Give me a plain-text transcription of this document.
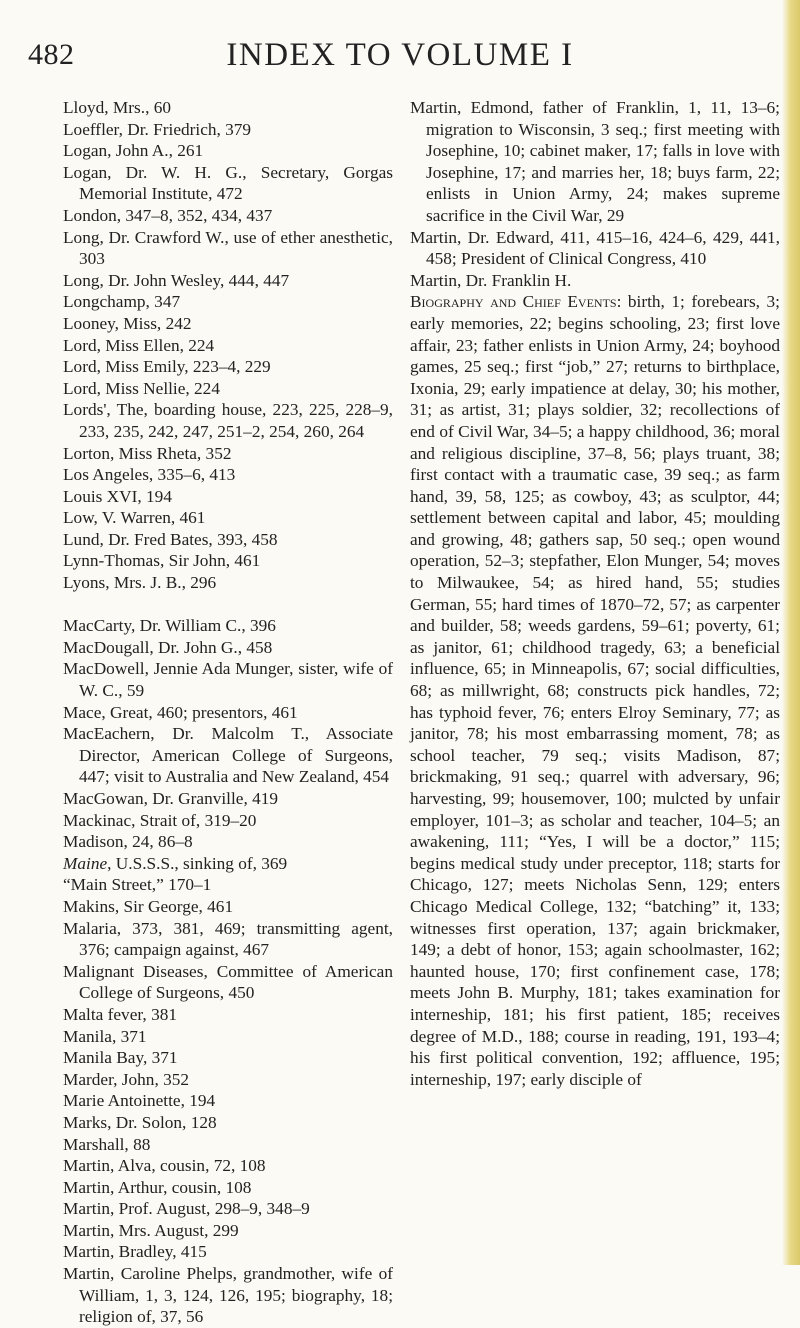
482	INDEX TO VOLUME I
Lloyd, Mrs., 60
Loeffler, Dr. Friedrich, 379
Logan, John A., 261
Logan, Dr. W. H. G., Secretary, Gorgas Memorial Institute, 472
London, 347–8, 352, 434, 437
Long, Dr. Crawford W., use of ether anesthetic, 303
Long, Dr. John Wesley, 444, 447
Longchamp, 347
Looney, Miss, 242
Lord, Miss Ellen, 224
Lord, Miss Emily, 223–4, 229
Lord, Miss Nellie, 224
Lords', The, boarding house, 223, 225, 228–9, 233, 235, 242, 247, 251–2, 254, 260, 264
Lorton, Miss Rheta, 352
Los Angeles, 335–6, 413
Louis XVI, 194
Low, V. Warren, 461
Lund, Dr. Fred Bates, 393, 458
Lynn-Thomas, Sir John, 461
Lyons, Mrs. J. B., 296
MacCarty, Dr. William C., 396
MacDougall, Dr. John G., 458
MacDowell, Jennie Ada Munger, sister, wife of W. C., 59
Mace, Great, 460; presentors, 461
MacEachern, Dr. Malcolm T., Associate Director, American College of Surgeons, 447; visit to Australia and New Zealand, 454
MacGowan, Dr. Granville, 419
Mackinac, Strait of, 319–20
Madison, 24, 86–8
Maine, U.S.S.S., sinking of, 369
“Main Street,” 170–1
Makins, Sir George, 461
Malaria, 373, 381, 469; transmitting agent, 376; campaign against, 467
Malignant Diseases, Committee of American College of Surgeons, 450
Malta fever, 381
Manila, 371
Manila Bay, 371
Marder, John, 352
Marie Antoinette, 194
Marks, Dr. Solon, 128
Marshall, 88
Martin, Alva, cousin, 72, 108
Martin, Arthur, cousin, 108
Martin, Prof. August, 298–9, 348–9
Martin, Mrs. August, 299
Martin, Bradley, 415
Martin, Caroline Phelps, grandmother, wife of William, 1, 3, 124, 126, 195; biography, 18; religion of, 37, 56
Martin, Edmond, father of Franklin, 1, 11, 13–6; migration to Wisconsin, 3 seq.; first meeting with Josephine, 10; cabinet maker, 17; falls in love with Josephine, 17; and marries her, 18; buys farm, 22; enlists in Union Army, 24; makes supreme sacrifice in the Civil War, 29
Martin, Dr. Edward, 411, 415–16, 424–6, 429, 441, 458; President of Clinical Congress, 410
Martin, Dr. Franklin H.
Biography and Chief Events: birth, 1; forebears, 3; early memories, 22; begins schooling, 23; first love affair, 23; father enlists in Union Army, 24; boyhood games, 25 seq.; first “job,” 27; returns to birthplace, Ixonia, 29; early impatience at delay, 30; his mother, 31; as artist, 31; plays soldier, 32; recollections of end of Civil War, 34–5; a happy childhood, 36; moral and religious discipline, 37–8, 56; plays truant, 38; first contact with a traumatic case, 39 seq.; as farm hand, 39, 58, 125; as cowboy, 43; as sculptor, 44; settlement between capital and labor, 45; moulding and growing, 48; gathers sap, 50 seq.; open wound operation, 52–3; stepfather, Elon Munger, 54; moves to Milwaukee, 54; as hired hand, 55; studies German, 55; hard times of 1870–72, 57; as carpenter and builder, 58; weeds gardens, 59–61; poverty, 61; as janitor, 61; childhood tragedy, 63; a beneficial influence, 65; in Minneapolis, 67; social difficulties, 68; as millwright, 68; constructs pick handles, 72; has typhoid fever, 76; enters Elroy Seminary, 77; as janitor, 78; his most embarrassing moment, 78; as school teacher, 79 seq.; visits Madison, 87; brickmaking, 91 seq.; quarrel with adversary, 96; harvesting, 99; housemover, 100; mulcted by unfair employer, 101–3; as scholar and teacher, 104–5; an awakening, 111; “Yes, I will be a doctor,” 115; begins medical study under preceptor, 118; starts for Chicago, 127; meets Nicholas Senn, 129; enters Chicago Medical College, 132; “batching” it, 133; witnesses first operation, 137; again brickmaker, 149; a debt of honor, 153; again schoolmaster, 162; haunted house, 170; first confinement case, 178; meets John B. Murphy, 181; takes examination for interneship, 181; his first patient, 185; receives degree of M.D., 188; course in reading, 191, 193–4; his first political convention, 192; affluence, 195; interneship, 197; early disciple of
